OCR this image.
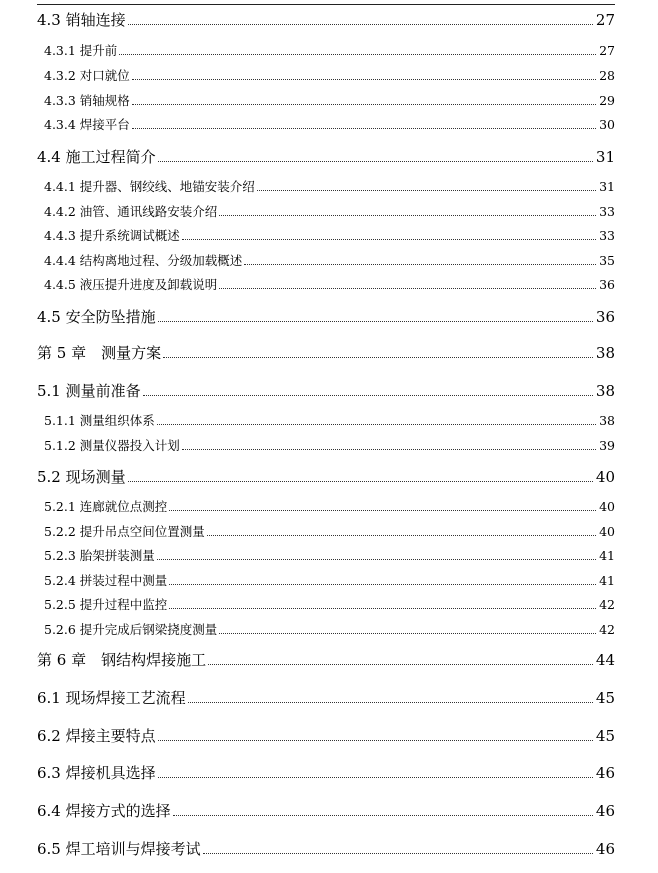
4.3 销轴连接	27
4.3.1 提升前	27
4.3.2 对口就位	28
4.3.3 销轴规格	29
4.3.4 焊接平台	30
4.4 施工过程简介	31
4.4.1 提升器、钢绞线、地锚安装介绍	31
4.4.2 油管、通讯线路安装介绍	33
4.4.3 提升系统调试概述	33
4.4.4 结构离地过程、分级加载概述	35
4.4.5 液压提升进度及卸载说明	36
4.5 安全防坠措施	36
第 5 章　测量方案	38
5.1 测量前准备	38
5.1.1 测量组织体系	38
5.1.2 测量仪器投入计划	39
5.2 现场测量	40
5.2.1 连廊就位点测控	40
5.2.2 提升吊点空间位置测量	40
5.2.3 胎架拼装测量	41
5.2.4 拼装过程中测量	41
5.2.5 提升过程中监控	42
5.2.6 提升完成后钢梁挠度测量	42
第 6 章　钢结构焊接施工	44
6.1 现场焊接工艺流程	45
6.2 焊接主要特点	45
6.3 焊接机具选择	46
6.4 焊接方式的选择	46
6.5 焊工培训与焊接考试	46
